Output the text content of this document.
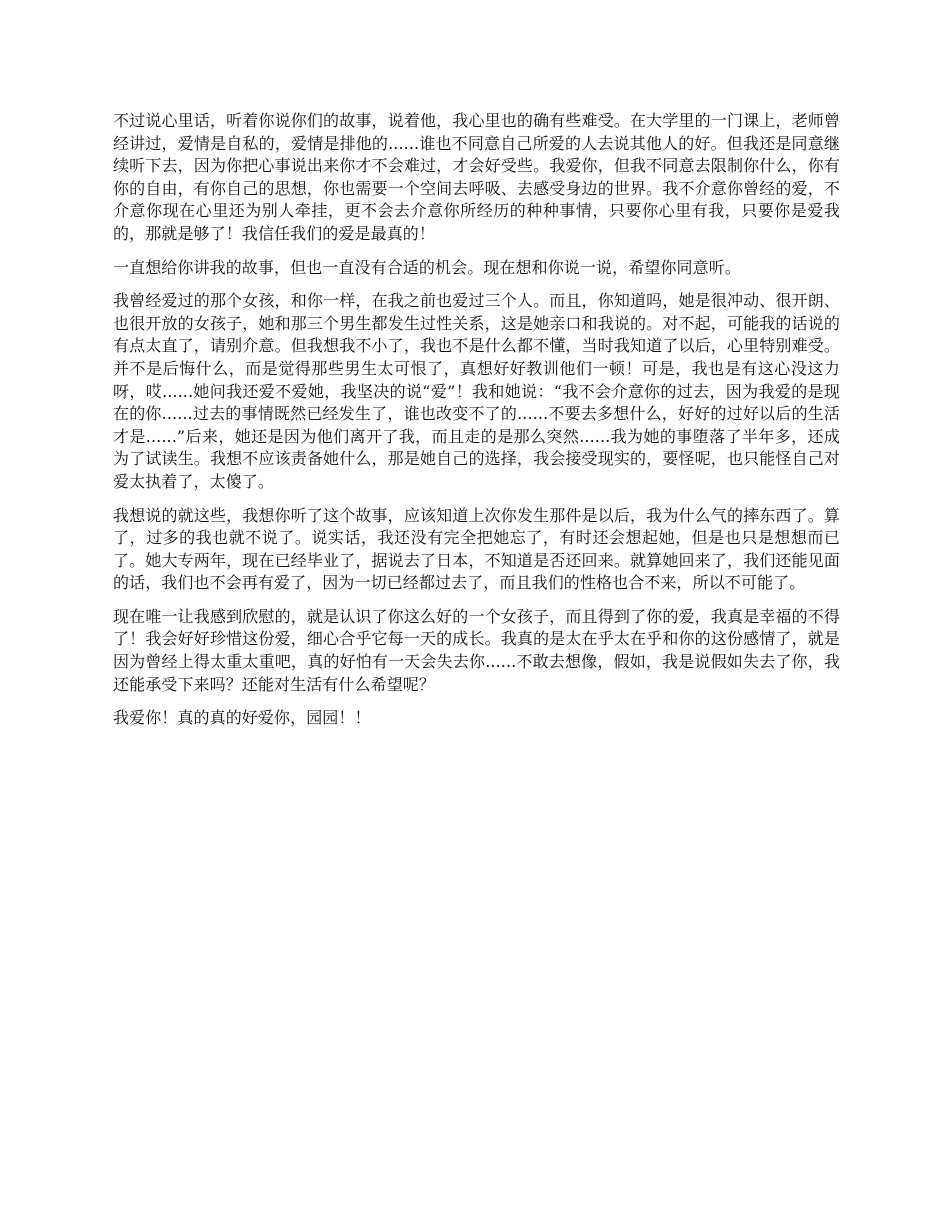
不过说心里话，听着你说你们的故事，说着他，我心里也的确有些难受。在大学里的一门课上，老师曾经讲过，爱情是自私的，爱情是排他的......谁也不同意自己所爱的人去说其他人的好。但我还是同意继续听下去，因为你把心事说出来你才不会难过，才会好受些。我爱你，但我不同意去限制你什么，你有你的自由，有你自己的思想，你也需要一个空间去呼吸、去感受身边的世界。我不介意你曾经的爱，不介意你现在心里还为别人牵挂，更不会去介意你所经历的种种事情，只要你心里有我，只要你是爱我的，那就是够了！我信任我们的爱是最真的！

一直想给你讲我的故事，但也一直没有合适的机会。现在想和你说一说，希望你同意听。

我曾经爱过的那个女孩，和你一样，在我之前也爱过三个人。而且，你知道吗，她是很冲动、很开朗、也很开放的女孩子，她和那三个男生都发生过性关系，这是她亲口和我说的。对不起，可能我的话说的有点太直了，请别介意。但我想我不小了，我也不是什么都不懂，当时我知道了以后，心里特别难受。并不是后悔什么，而是觉得那些男生太可恨了，真想好好教训他们一顿！可是，我也是有这心没这力呀，哎......她问我还爱不爱她，我坚决的说“爱”！我和她说：“我不会介意你的过去，因为我爱的是现在的你......过去的事情既然已经发生了，谁也改变不了的......不要去多想什么，好好的过好以后的生活才是......”后来，她还是因为他们离开了我，而且走的是那么突然......我为她的事堕落了半年多，还成为了试读生。我想不应该责备她什么，那是她自己的选择，我会接受现实的，要怪呢，也只能怪自己对爱太执着了，太傻了。

我想说的就这些，我想你听了这个故事，应该知道上次你发生那件是以后，我为什么气的摔东西了。算了，过多的我也就不说了。说实话，我还没有完全把她忘了，有时还会想起她，但是也只是想想而已了。她大专两年，现在已经毕业了，据说去了日本，不知道是否还回来。就算她回来了，我们还能见面的话，我们也不会再有爱了，因为一切已经都过去了，而且我们的性格也合不来，所以不可能了。

现在唯一让我感到欣慰的，就是认识了你这么好的一个女孩子，而且得到了你的爱，我真是幸福的不得了！我会好好珍惜这份爱，细心合乎它每一天的成长。我真的是太在乎太在乎和你的这份感情了，就是因为曾经上得太重太重吧，真的好怕有一天会失去你......不敢去想像，假如，我是说假如失去了你，我还能承受下来吗？还能对生活有什么希望呢？

我爱你！真的真的好爱你，园园！！
